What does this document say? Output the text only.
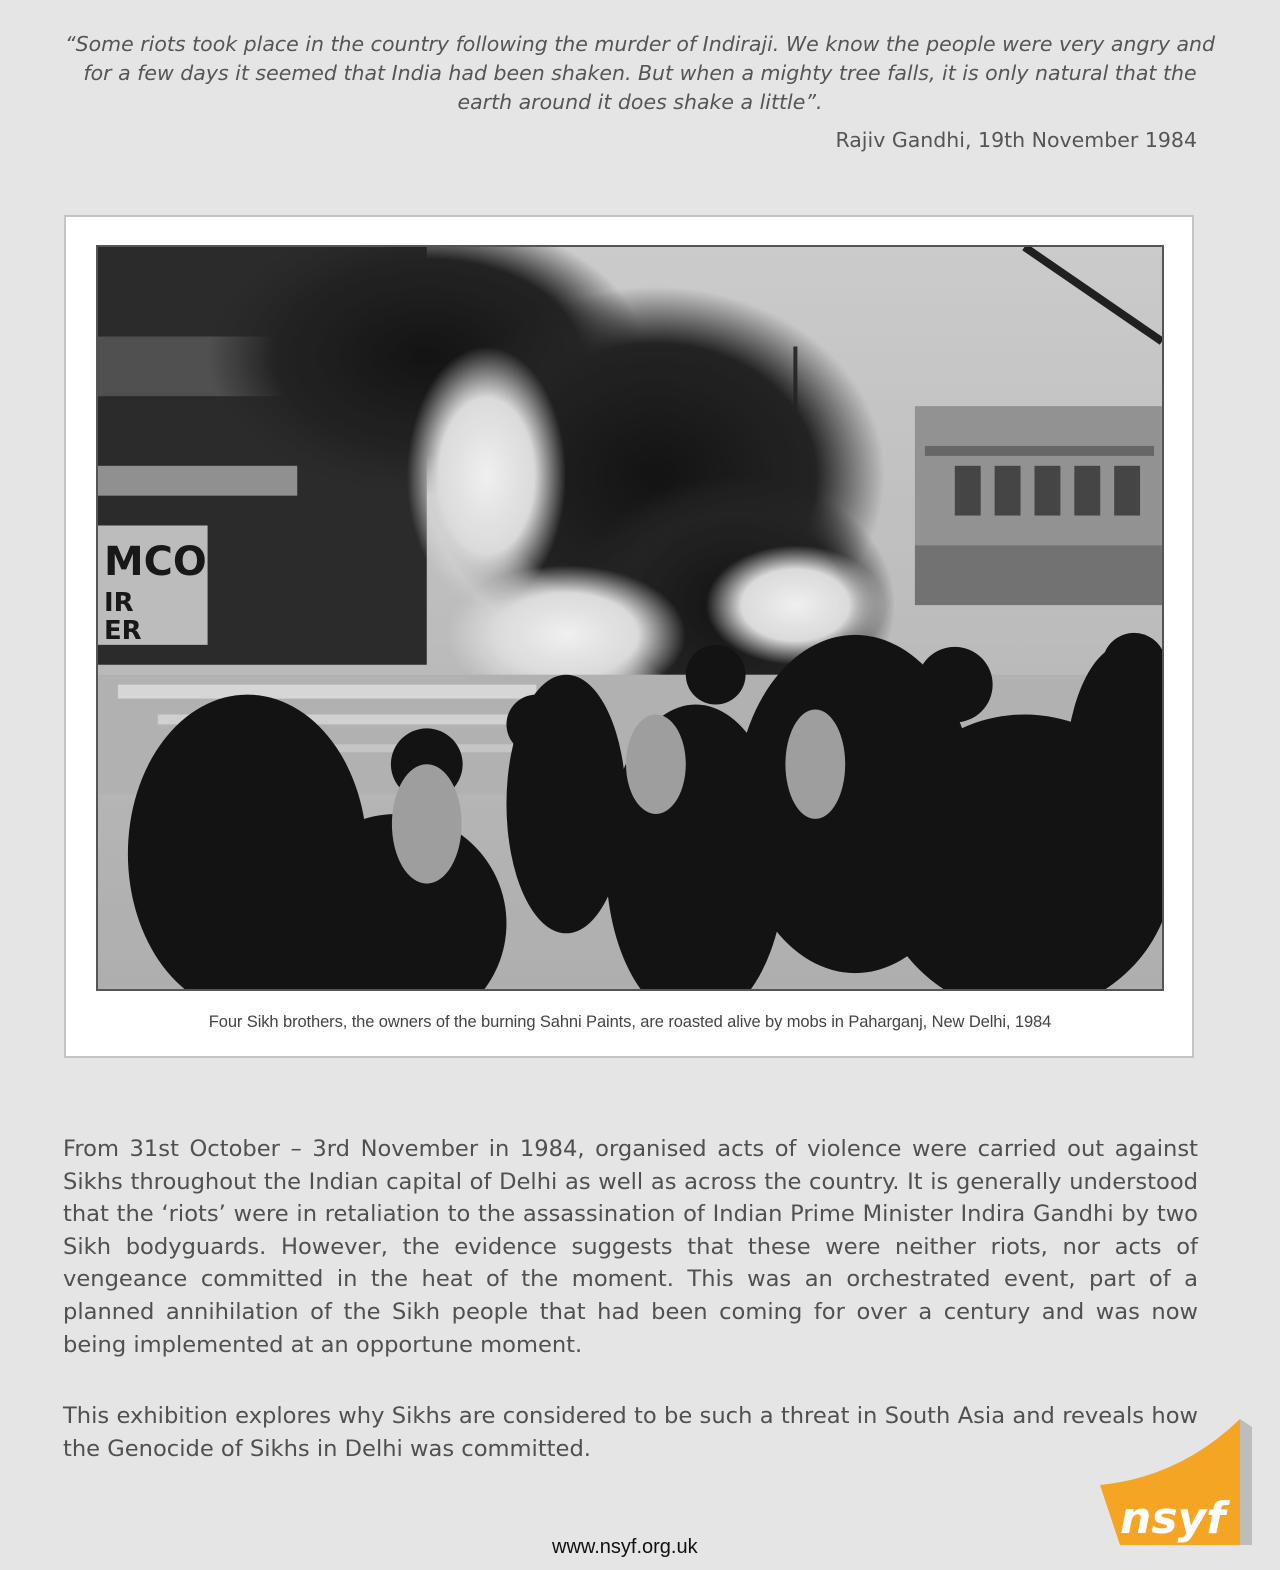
“Some riots took place in the country following the murder of Indiraji. We know the people were very angry and for a few days it seemed that India had been shaken. But when a mighty tree falls, it is only natural that the earth around it does shake a little”.
Rajiv Gandhi, 19th November 1984
MCO
IR
ER
Four Sikh brothers, the owners of the burning Sahni Paints, are roasted alive by mobs in Paharganj, New Delhi, 1984

From 31st October – 3rd November in 1984, organised acts of violence were carried out against Sikhs throughout the Indian capital of Delhi as well as across the country. It is generally understood that the ‘riots’ were in retaliation to the assassination of Indian Prime Minister Indira Gandhi by two Sikh bodyguards. However, the evidence suggests that these were neither riots, nor acts of vengeance committed in the heat of the moment. This was an orchestrated event, part of a planned annihilation of the Sikh people that had been coming for over a century and was now being implemented at an opportune moment.

This exhibition explores why Sikhs are considered to be such a threat in South Asia and reveals how the Genocide of Sikhs in Delhi was committed.

www.nsyf.org.uk
nsyf
